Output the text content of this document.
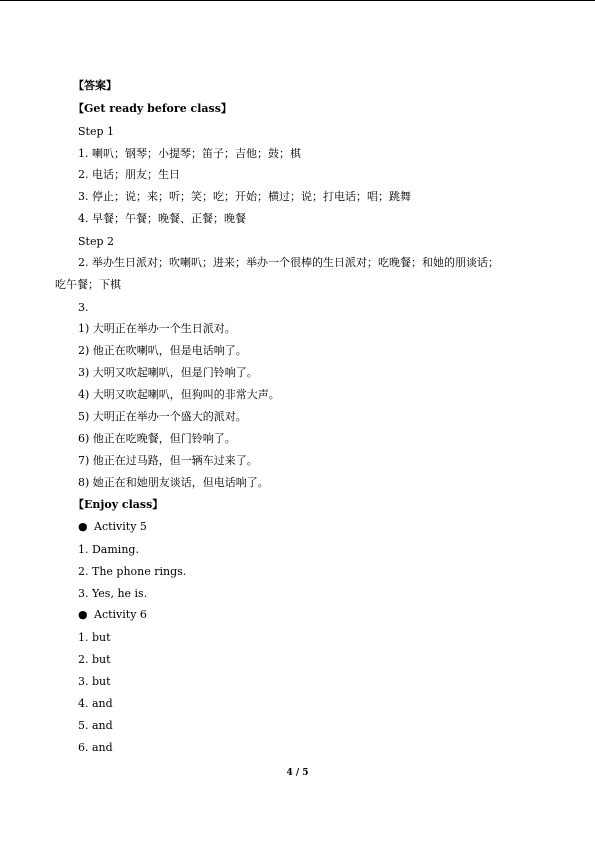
【答案】
【Get ready before class】
Step 1
1. 喇叭；钢琴；小提琴；笛子；吉他；鼓；棋
2. 电话；朋友；生日
3. 停止；说；来；听；笑；吃；开始；横过；说；打电话；唱；跳舞
4. 早餐；午餐；晚餐、正餐；晚餐
Step 2
2. 举办生日派对；吹喇叭；进来；举办一个很棒的生日派对；吃晚餐；和她的朋谈话；
吃午餐；下棋
3.
1) 大明正在举办一个生日派对。
2) 他正在吹喇叭，但是电话响了。
3) 大明又吹起喇叭，但是门铃响了。
4) 大明又吹起喇叭，但狗叫的非常大声。
5) 大明正在举办一个盛大的派对。
6) 他正在吃晚餐，但门铃响了。
7) 他正在过马路，但一辆车过来了。
8) 她正在和她朋友谈话，但电话响了。
【Enjoy class】
● Activity 5
1. Daming.
2. The phone rings.
3. Yes, he is.
● Activity 6
1. but
2. but
3. but
4. and
5. and
6. and
4 / 5
